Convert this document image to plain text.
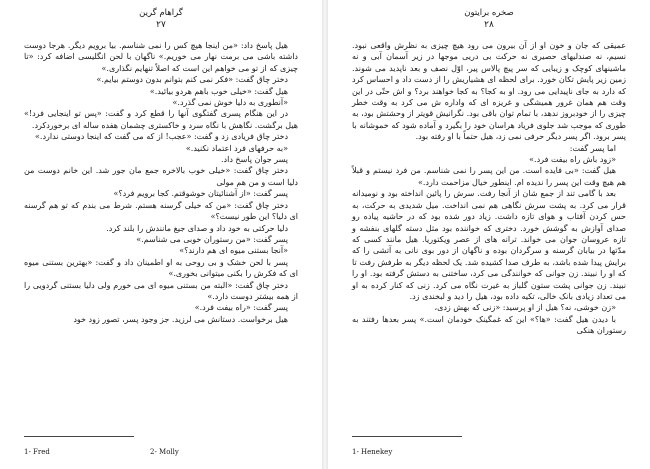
گراهام گرین
۲۷

هیل پاسخ داد: «من اینجا هیچ کس را نمی شناسم. بیا برویم دیگر. هرجا دوست داشته باشی می برمت نهار می خوریم.» ناگهان با لحن انگلیسی اضافه کرد: «تا چیزی که از تو می خواهم این است که اصلاً تنهایم نگذاری.»

دختر چاق گفت: «فکر نمی کنم بتوانم بدون دوستم بیایم.»

هیل گفت: «خیلی خوب باهم هردو بیائید.»

«آنطوری به دلیا خوش نمی گذرد.»

در این هنگام پسری گفتگوی آنها را قطع کرد و گفت: «پس تو اینجایی فرد!» هیل برگشت. نگاهش با نگاه سرد و خاکستری چشمان هفده ساله ای برخوردکرد.

دختر چاق فریادی زد و گفت: «عجب! از که می گفت که اینجا دوستی ندارد.»

«به حرفهای فرد اعتماد نکنید.»

پسر جوان پاسخ داد.

دختر چاق گفت: «خیلی خوب بالاخره جمع مان جور شد. این خانم دوست من دلیا است و من هم مولی

پسر گفت: «از آشنائیتان خوشوقتم. کجا برویم فرد؟»

دختر چاق گفت: «من که خیلی گرسنه هستم. شرط می بندم که تو هم گرسنه ای دلیا؟ این طور نیست؟»

دلیا حرکتی به خود داد و صدای جیغ مانندش را بلند کرد.

پسر گفت: «من رستوران خوبی می شناسم.»

«آنجا بستنی میوه ای هم دارند؟»

پسر با لحن خشک و بی روحی به او اطمینان داد و گفت: «بهترین بستنی میوه ای که فکرش را بکنی میتوانی بخوری.»

دختر چاق گفت: «البته من بستنی میوه ای می خورم ولی دلیا بستنی گردویی را از همه بیشتر دوست دارد.»

پسر گفت: «راه بیفت فرد.»

هیل برخواست. دستانش می لرزید. جز وجود پسر، تصور زود خود

1- Fred	2- Molly
صخره برایتون
۲۸

عمیقی که جان و خون او از آن بیرون می رود هیچ چیزی به نظرش واقعی نبود. نسیم، نه صندلیهای حصیری نه حرکت بی دریی موجها در زیر آسمان آبی و نه ماشینهای کوچک و زیبایی که سر پیچ پالاس پیر، اوّل نصف و بعد ناپدید می شوند. زمین زیر پایش تکان خورد. برای لحظه ای هشیاریش را از دست داد و احساس کرد که دارد به جای ناپیدایی می رود. او به کجا؟ به کجا خواهند برد؟ و اش حتّی در این وقت هم همان غرور همیشگی و غریزه ای که واداره ش می کرد به وقت خطر چیزی را از خودبروز ندهد، با تمام توان باقی بود. نگرانیش قویتر از وحشتش بود، به طوری که موجب شد جلوی فریاد هراسان خود را بگیرد و آماده شود که خموشانه با پسر برود. اگر پسر دیگر حرفی نمی زد، هیل حتماً با او رفته بود.

اما پسر گفت:

«زود باش راه بیفت فرد.»

هیل گفت: «بی فایده است. من این پسر را نمی شناسم. من فرد نیستم و قبلاً هم هیچ وقت این پسر را ندیده ام. اینطور خیال مزاحمت دارد.»

بعد با گامی تند از جمع شان از آنجا رفت. سرش را پائین انداخته بود و نومیدانه قرار می کرد. به پشت سرش نگاهی هم نمی انداخت. میل شدیدی به حرکت، به حس کردن آفتاب و هوای تازه داشت. زیاد دور شده بود که در حاشیه پیاده رو صدای آوازش به گوشش خورد. دختری که خواننده بود مثل دسته گلهای بنفشه و تازه عروسان جوان می خواند. ترانه های از عصر ویکتوریا. هیل مانند کسی که مدّتها در بیابان گرسنه و سرگردان بوده و ناگهان از دور بوی نانی به آتشی را که برایش پیدا شده باشد، به طرف صدا کشیده شد. یک لحظه دیگر به طرفش رفت تا که او را نبیند. زن جوانی که خوانندگی می کرد، ساختنی به دستش گرفته بود. او را نبیند. زن جوانی پشت ستون گلباز به غیرت نگاه می کرد. زنی که کنار کرده به او می تعداد زیادی بانک خالی، تکیه داده بود، هیل را دید و لبخندی زد.

«زن خوشی، نه؟ هیل از او پرسید: «زنی که بهش زدی،

با دیدن هیل گفت: «ها؟» این که غمگینک خودمان است.» پسر بعدها رفتند به رستوران هنکی

1- Henekey
